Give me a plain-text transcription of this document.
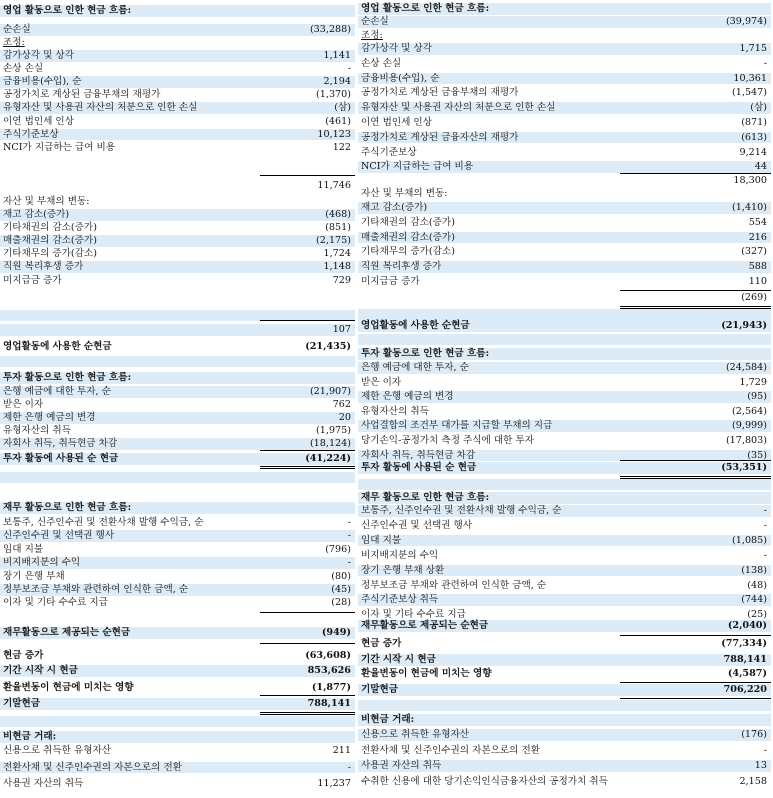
영업 활동으로 인한 현금 흐름:
순손실	(33,288)
조정:
감가상각 및 상각	1,141
손상 손실	-
금융비용(수입), 순	2,194
공정가치로 계상된 금융부채의 재평가	(1,370)
유형자산 및 사용권 자산의 처분으로 인한 손실	(삼)
이연 법인세 인상	(461)
주식기준보상	10,123
NCI가 지급하는 급여 비용	122
11,746
자산 및 부채의 변동:
재고 감소(증가)	(468)
기타채권의 감소(증가)	(851)
매출채권의 감소(증가)	(2,175)
기타채무의 증가(감소)	1,724
직원 복리후생 증가	1,148
미지급금 증가	729
107
영업활동에 사용한 순현금	(21,435)
투자 활동으로 인한 현금 흐름:
은행 예금에 대한 투자, 순	(21,907)
받은 이자	762
제한 은행 예금의 변경	20
유형자산의 취득	(1,975)
자회사 취득, 취득현금 차감	(18,124)
투자 활동에 사용된 순 현금	(41,224)
재무 활동으로 인한 현금 흐름:
보통주, 신주인수권 및 전환사채 발행 수익금, 순	-
신주인수권 및 선택권 행사	-
임대 지불	(796)
비지배지분의 수익	-
장기 은행 부채	(80)
정부보조금 부채와 관련하여 인식한 금액, 순	(45)
이자 및 기타 수수료 지급	(28)
재무활동으로 제공되는 순현금	(949)
현금 증가	(63,608)
기간 시작 시 현금	853,626
환율변동이 현금에 미치는 영향	(1,877)
기말현금	788,141
비현금 거래:
신용으로 취득한 유형자산	211
전환사채 및 신주인수권의 자본으로의 전환	-
사용권 자산의 취득	11,237
영업 활동으로 인한 현금 흐름:
순손실	(39,974)
조정:
감가상각 및 상각	1,715
손상 손실	-
금융비용(수입), 순	10,361
공정가치로 계상된 금융부채의 재평가	(1,547)
유형자산 및 사용권 자산의 처분으로 인한 손실	(삼)
이연 법인세 인상	(871)
공정가치로 계상된 금융자산의 재평가	(613)
주식기준보상	9,214
NCI가 지급하는 급여 비용	44
18,300
자산 및 부채의 변동:
재고 감소(증가)	(1,410)
기타채권의 감소(증가)	554
매출채권의 감소(증가)	216
기타채무의 증가(감소)	(327)
직원 복리후생 증가	588
미지급금 증가	110
(269)
영업활동에 사용한 순현금	(21,943)
투자 활동으로 인한 현금 흐름:
은행 예금에 대한 투자, 순	(24,584)
받은 이자	1,729
제한 은행 예금의 변경	(95)
유형자산의 취득	(2,564)
사업결합의 조건부 대가를 지급할 부채의 지급	(9,999)
당기손익-공정가치 측정 주식에 대한 투자	(17,803)
자회사 취득, 취득현금 차감	(35)
투자 활동에 사용된 순 현금	(53,351)
재무 활동으로 인한 현금 흐름:
보통주, 신주인수권 및 전환사채 발행 수익금, 순	-
신주인수권 및 선택권 행사	-
임대 지불	(1,085)
비지배지분의 수익	-
장기 은행 부채 상환	(138)
정부보조금 부채와 관련하여 인식한 금액, 순	(48)
주식기준보상 취득	(744)
이자 및 기타 수수료 지급	(25)
재무활동으로 제공되는 순현금	(2,040)
현금 증가	(77,334)
기간 시작 시 현금	788,141
환율변동이 현금에 미치는 영향	(4,587)
기말현금	706,220
비현금 거래:
신용으로 취득한 유형자산	(176)
전환사채 및 신주인수권의 자본으로의 전환	-
사용권 자산의 취득	13
수취한 신용에 대한 당기손익인식금융자산의 공정가치 취득	2,158
